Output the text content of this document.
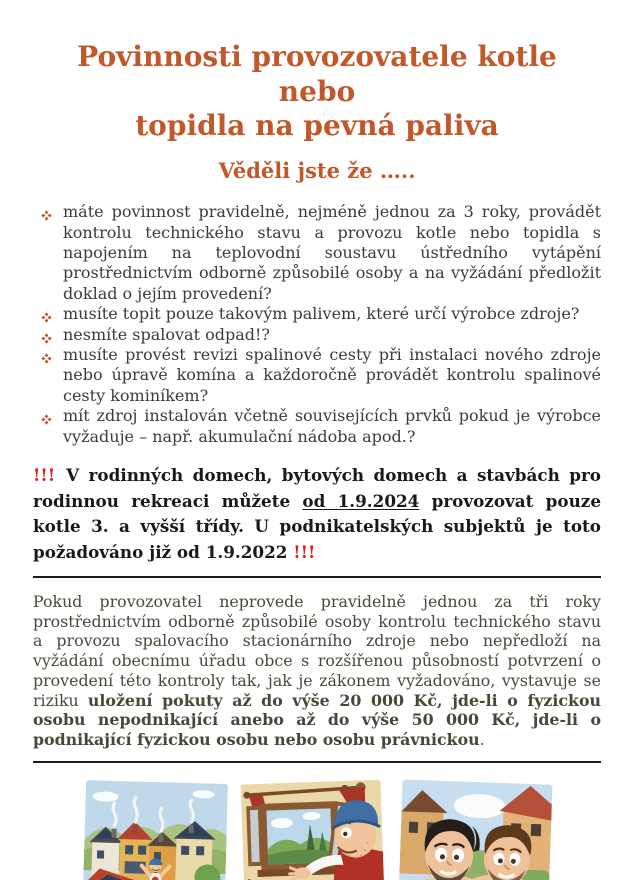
Povinnosti provozovatele kotle nebo
topidla na pevná paliva
Věděli jste že …..
máte povinnost pravidelně, nejméně jednou za 3 roky, provádět kontrolu technického stavu a provozu kotle nebo topidla s napojením na teplovodní soustavu ústředního vytápění prostřednictvím odborně způsobilé osoby a na vyžádání předložit doklad o jejím provedení?
musíte topit pouze takovým palivem, které určí výrobce zdroje?
nesmíte spalovat odpad!?
musíte provést revizi spalinové cesty při instalaci nového zdroje nebo úpravě komína a každoročně provádět kontrolu spalinové cesty kominíkem?
mít zdroj instalován včetně souvisejících prvků pokud je výrobce vyžaduje – např. akumulační nádoba apod.?

!!! V rodinných domech, bytových domech a stavbách pro rodinnou rekreaci můžete od 1.9.2024 provozovat pouze kotle 3. a vyšší třídy. U podnikatelských subjektů je toto požadováno již od 1.9.2022 !!!

Pokud provozovatel neprovede pravidelně jednou za tři roky prostřednictvím odborně způsobilé osoby kontrolu technického stavu a provozu spalovacího stacionárního zdroje nebo nepředloží na vyžádání obecnímu úřadu obce s rozšířenou působností potvrzení o provedení této kontroly tak, jak je zákonem vyžadováno, vystavuje se riziku uložení pokuty až do výše 20 000 Kč, jde-li o fyzickou osobu nepodnikající anebo až do výše 50 000 Kč, jde-li o podnikající fyzickou osobu nebo osobu právnickou.
